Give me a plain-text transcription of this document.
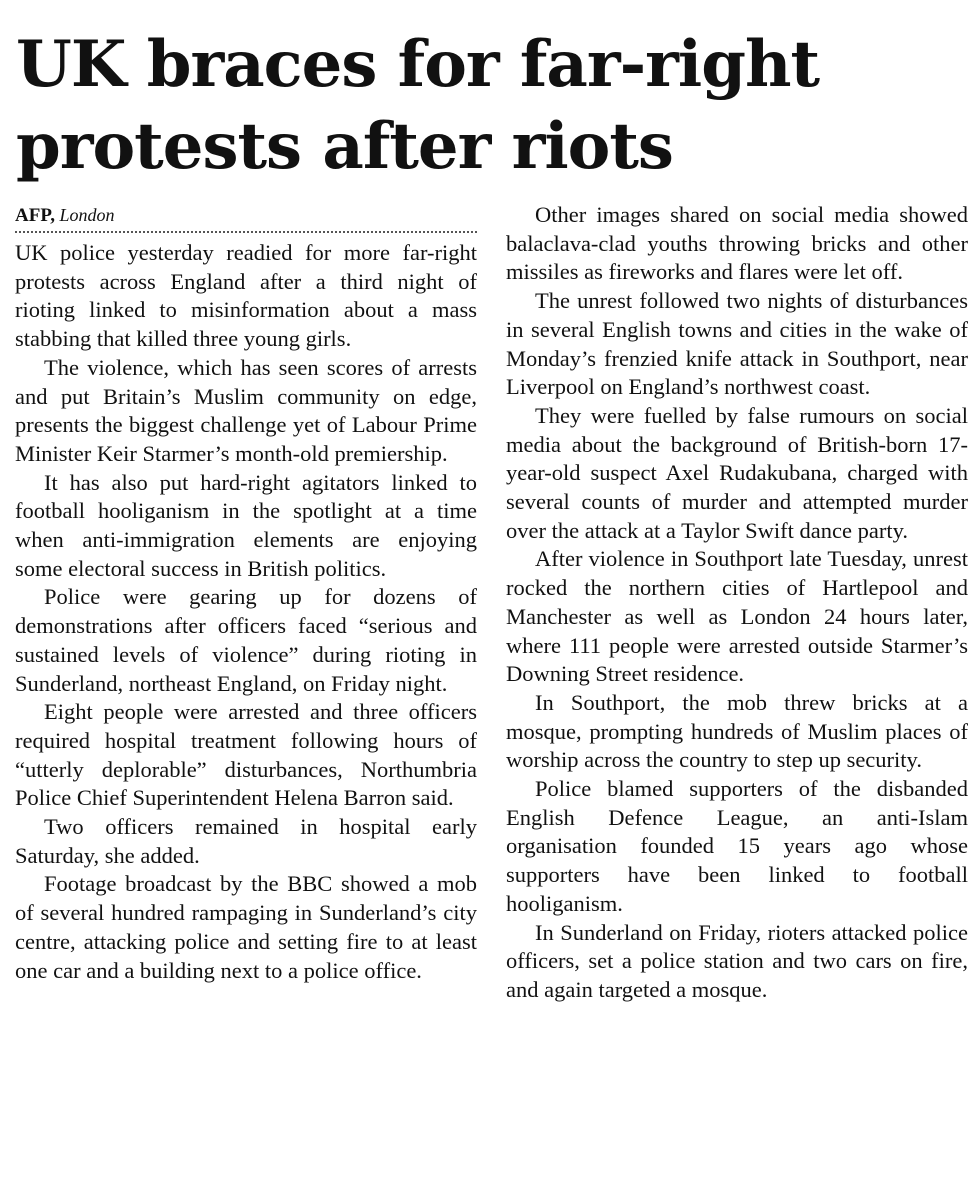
UK braces for far-right
protests after riots
AFP, London

UK police yesterday readied for more far-right protests across England after a third night of rioting linked to misinformation about a mass stabbing that killed three young girls.

The violence, which has seen scores of arrests and put Britain’s Muslim community on edge, presents the biggest challenge yet of Labour Prime Minister Keir Starmer’s month-old premiership.

It has also put hard-right agitators linked to football hooliganism in the spotlight at a time when anti-immigration elements are enjoying some electoral success in British politics.

Police were gearing up for dozens of demonstrations after officers faced “serious and sustained levels of violence” during rioting in Sunderland, northeast England, on Friday night.

Eight people were arrested and three officers required hospital treatment following hours of “utterly deplorable” disturbances, Northumbria Police Chief Superintendent Helena Barron said.

Two officers remained in hospital early Saturday, she added.

Footage broadcast by the BBC showed a mob of several hundred rampaging in Sunderland’s city centre, attacking police and setting fire to at least one car and a building next to a police office.

Other images shared on social media showed balaclava-clad youths throwing bricks and other missiles as fireworks and flares were let off.

The unrest followed two nights of disturbances in several English towns and cities in the wake of Monday’s frenzied knife attack in Southport, near Liverpool on England’s northwest coast.

They were fuelled by false rumours on social media about the background of British-born 17-year-old suspect Axel Rudakubana, charged with several counts of murder and attempted murder over the attack at a Taylor Swift dance party.

After violence in Southport late Tuesday, unrest rocked the northern cities of Hartlepool and Manchester as well as London 24 hours later, where 111 people were arrested outside Starmer’s Downing Street residence.

In Southport, the mob threw bricks at a mosque, prompting hundreds of Muslim places of worship across the country to step up security.

Police blamed supporters of the disbanded English Defence League, an anti-Islam organisation founded 15 years ago whose supporters have been linked to football hooliganism.

In Sunderland on Friday, rioters attacked police officers, set a police station and two cars on fire, and again targeted a mosque.
